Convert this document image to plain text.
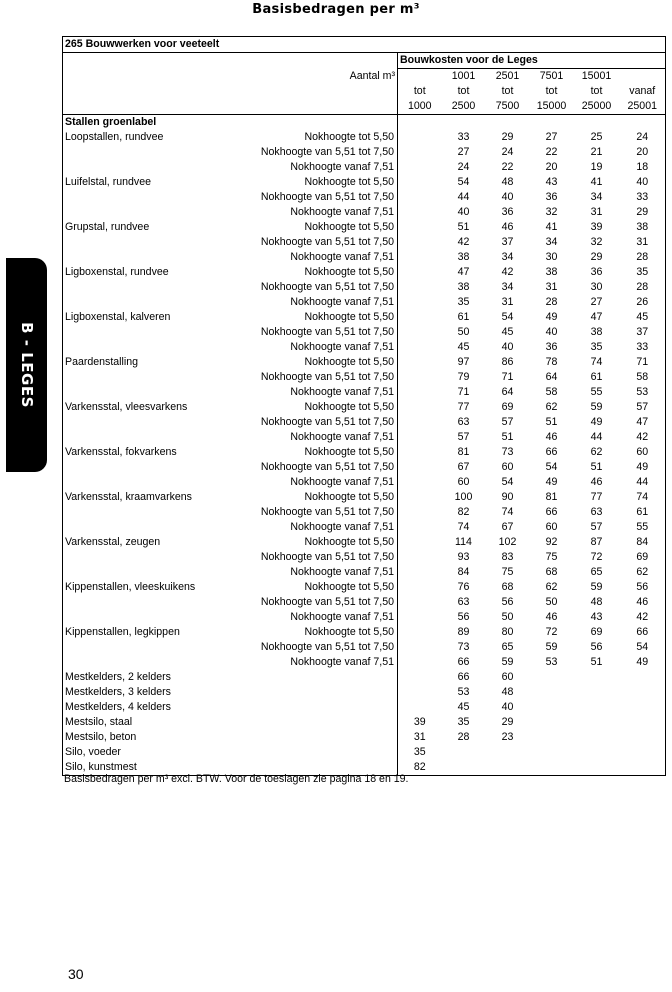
Basisbedragen per m³
B - LEGES
265 Bouwwerken voor veeteelt						
	Bouwkosten voor de Leges					
Aantal m³		1001	2501	7501	15001	
	tot	tot	tot	tot	tot	vanaf
	1000	2500	7500	15000	25000	25001
Stallen groenlabel						

Loopstallen, rundvee Nokhoogte tot 5,50		33	29	27	25	24

Nokhoogte van 5,51 tot 7,50		27	24	22	21	20

Nokhoogte vanaf 7,51		24	22	20	19	18

Luifelstal, rundvee Nokhoogte tot 5,50		54	48	43	41	40

Nokhoogte van 5,51 tot 7,50		44	40	36	34	33

Nokhoogte vanaf 7,51		40	36	32	31	29

Grupstal, rundvee Nokhoogte tot 5,50		51	46	41	39	38

Nokhoogte van 5,51 tot 7,50		42	37	34	32	31

Nokhoogte vanaf 7,51		38	34	30	29	28

Ligboxenstal, rundvee Nokhoogte tot 5,50		47	42	38	36	35

Nokhoogte van 5,51 tot 7,50		38	34	31	30	28

Nokhoogte vanaf 7,51		35	31	28	27	26

Ligboxenstal, kalveren Nokhoogte tot 5,50		61	54	49	47	45

Nokhoogte van 5,51 tot 7,50		50	45	40	38	37

Nokhoogte vanaf 7,51		45	40	36	35	33

Paardenstalling Nokhoogte tot 5,50		97	86	78	74	71

Nokhoogte van 5,51 tot 7,50		79	71	64	61	58

Nokhoogte vanaf 7,51		71	64	58	55	53

Varkensstal, vleesvarkens Nokhoogte tot 5,50		77	69	62	59	57

Nokhoogte van 5,51 tot 7,50		63	57	51	49	47

Nokhoogte vanaf 7,51		57	51	46	44	42

Varkensstal, fokvarkens Nokhoogte tot 5,50		81	73	66	62	60

Nokhoogte van 5,51 tot 7,50		67	60	54	51	49

Nokhoogte vanaf 7,51		60	54	49	46	44

Varkensstal, kraamvarkens Nokhoogte tot 5,50		100	90	81	77	74

Nokhoogte van 5,51 tot 7,50		82	74	66	63	61

Nokhoogte vanaf 7,51		74	67	60	57	55

Varkensstal, zeugen Nokhoogte tot 5,50		114	102	92	87	84

Nokhoogte van 5,51 tot 7,50		93	83	75	72	69

Nokhoogte vanaf 7,51		84	75	68	65	62

Kippenstallen, vleeskuikens Nokhoogte tot 5,50		76	68	62	59	56

Nokhoogte van 5,51 tot 7,50		63	56	50	48	46

Nokhoogte vanaf 7,51		56	50	46	43	42

Kippenstallen, legkippen Nokhoogte tot 5,50		89	80	72	69	66

Nokhoogte van 5,51 tot 7,50		73	65	59	56	54

Nokhoogte vanaf 7,51		66	59	53	51	49

Mestkelders, 2 kelders		66	60			

Mestkelders, 3 kelders		53	48			

Mestkelders, 4 kelders		45	40			

Mestsilo, staal	39	35	29			

Mestsilo, beton	31	28	23			

Silo, voeder	35					

Silo, kunstmest	82					
Basisbedragen per m³ excl. BTW. Voor de toeslagen zie pagina 18 en 19.
30
